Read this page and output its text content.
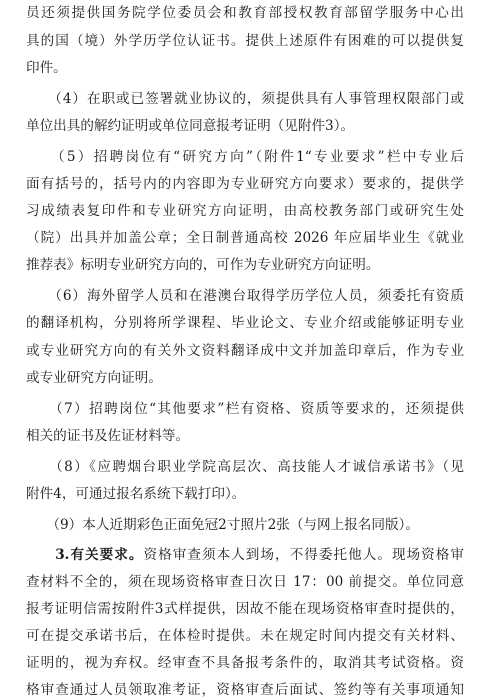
员还须提供国务院学位委员会和教育部授权教育部留学服务中心出
具的国（境）外学历学位认证书。提供上述原件有困难的可以提供复
印件。
　　（4）在职或已签署就业协议的，须提供具有人事管理权限部门或
单位出具的解约证明或单位同意报考证明（见附件3）。
　　（5）招聘岗位有“研究方向”（附件1“专业要求”栏中专业后
面有括号的，括号内的内容即为专业研究方向要求）要求的，提供学
习成绩表复印件和专业研究方向证明，由高校教务部门或研究生处
（院）出具并加盖公章；全日制普通高校 2026 年应届毕业生《就业
推荐表》标明专业研究方向的，可作为专业研究方向证明。
　　（6）海外留学人员和在港澳台取得学历学位人员，须委托有资质
的翻译机构，分别将所学课程、毕业论文、专业介绍或能够证明专业
或专业研究方向的有关外文资料翻译成中文并加盖印章后，作为专业
或专业研究方向证明。
　　（7）招聘岗位“其他要求”栏有资格、资质等要求的，还须提供
相关的证书及佐证材料等。
　　（8）《应聘烟台职业学院高层次、高技能人才诚信承诺书》（见
附件4，可通过报名系统下载打印）。
　　（9）本人近期彩色正面免冠2寸照片2张（与网上报名同版）。
　　3.有关要求。资格审查须本人到场，不得委托他人。现场资格审
查材料不全的，须在现场资格审查日次日 17：00 前提交。单位同意
报考证明信需按附件3式样提供，因故不能在现场资格审查时提供的，
可在提交承诺书后，在体检时提供。未在规定时间内提交有关材料、
证明的，视为弃权。经审查不具备报考条件的，取消其考试资格。资
格审查通过人员领取准考证，资格审查后面试、签约等有关事项通知
